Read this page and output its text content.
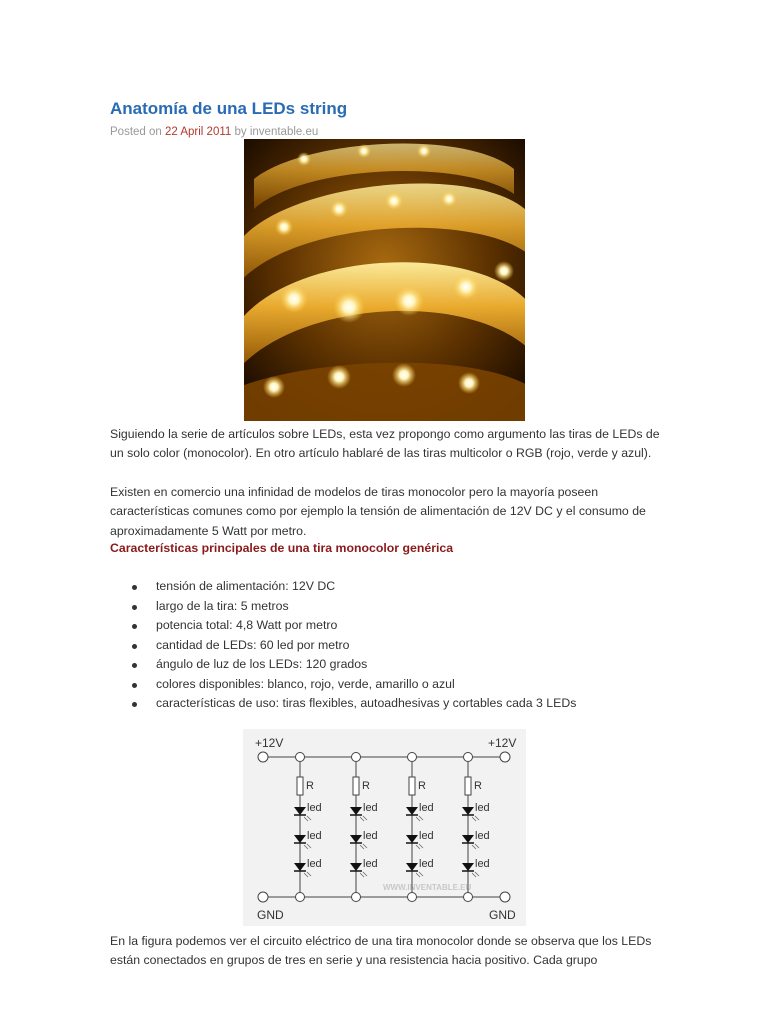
Anatomía de una LEDs string
Posted on 22 April 2011 by inventable.eu

Siguiendo la serie de artículos sobre LEDs, esta vez propongo como argumento las tiras de LEDs de un solo color (monocolor). En otro artículo hablaré de las tiras multicolor o RGB (rojo, verde y azul).

Existen en comercio una infinidad de modelos de tiras monocolor pero la mayoría poseen características comunes como por ejemplo la tensión de alimentación de 12V DC y el consumo de aproximadamente 5 Watt por metro.

Características principales de una tira monocolor genérica
tensión de alimentación: 12V DC
largo de la tira: 5 metros
potencia total: 4,8 Watt por metro
cantidad de LEDs: 60 led por metro
ángulo de luz de los LEDs: 120 grados
colores disponibles: blanco, rojo, verde, amarillo o azul
características de uso: tiras flexibles, autoadhesivas y cortables cada 3 LEDs
+12V	+12V
GND	GND
WWW.INVENTABLE.EU
R
led
led
led
R
led
led
led
R
led
led
led
R
led
led
led

En la figura podemos ver el circuito eléctrico de una tira monocolor donde se observa que los LEDs están conectados en grupos de tres en serie y una resistencia hacia positivo. Cada grupo
